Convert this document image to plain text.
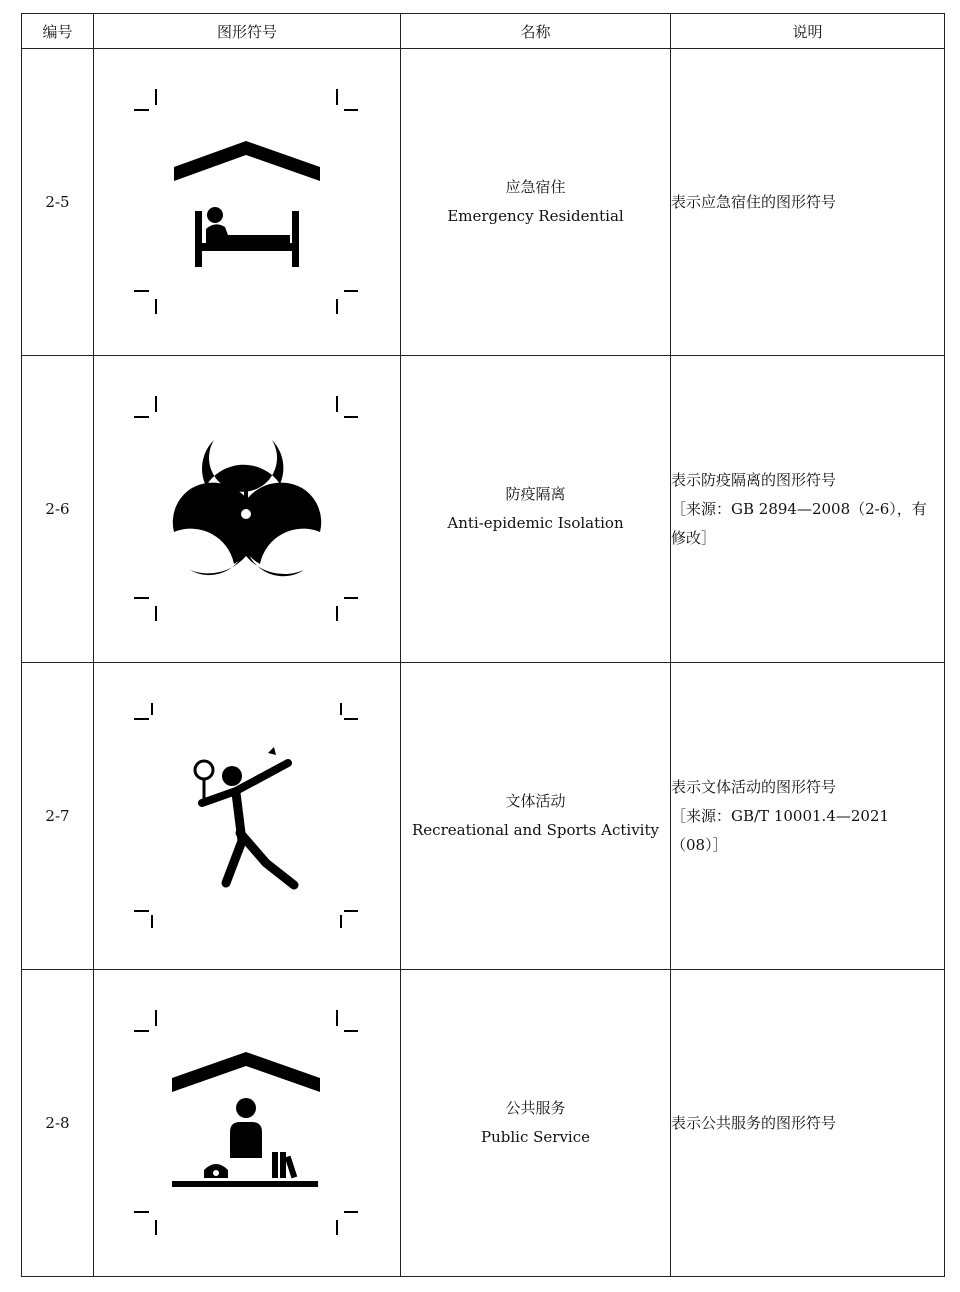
编号	图形符号	名称	说明
2-5		应急宿住
Emergency Residential	表示应急宿住的图形符号

2-6		防疫隔离
Anti-epidemic Isolation	表示防疫隔离的图形符号
［来源：GB 2894—2008（2-6），有
修改］

2-7		文体活动
Recreational and Sports Activity	表示文体活动的图形符号
［来源：GB/T 10001.4—2021
（08）］

2-8		公共服务
Public Service	表示公共服务的图形符号
